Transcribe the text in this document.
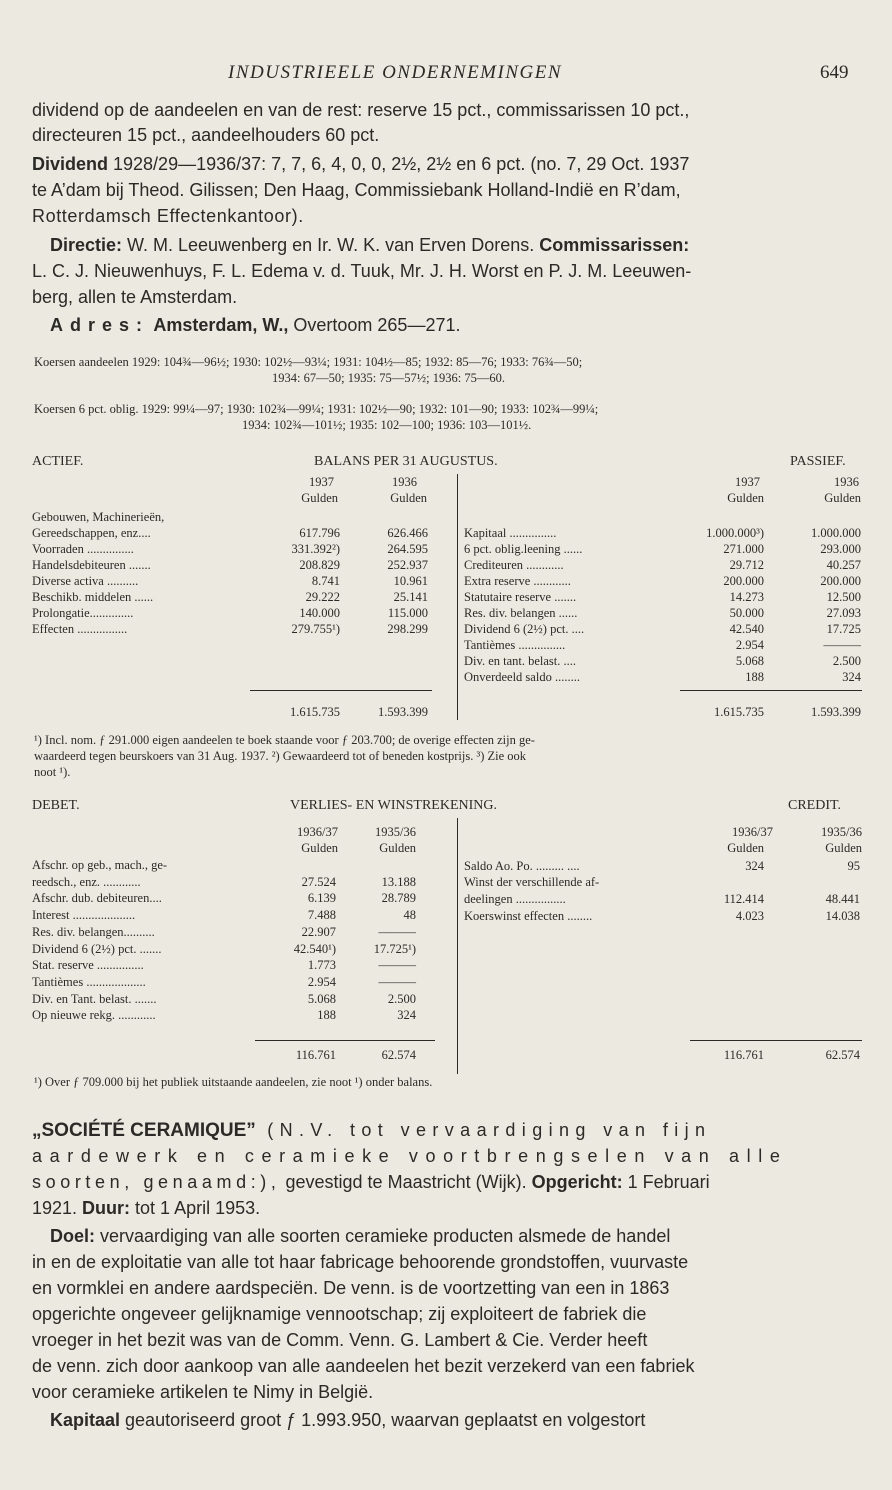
INDUSTRIEELE ONDERNEMINGEN	649
dividend op de aandeelen en van de rest: reserve 15 pct., commissarissen 10 pct.,
directeuren 15 pct., aandeelhouders 60 pct.
Dividend 1928/29—1936/37: 7, 7, 6, 4, 0, 0, 2½, 2½ en 6 pct. (no. 7, 29 Oct. 1937
te A’dam bij Theod. Gilissen; Den Haag, Commissiebank Holland-Indië en R’dam,
Rotterdamsch Effectenkantoor).
Directie: W. M. Leeuwenberg en Ir. W. K. van Erven Dorens. Commissarissen:
L. C. J. Nieuwenhuys, F. L. Edema v. d. Tuuk, Mr. J. H. Worst en P. J. M. Leeuwen-
berg, allen te Amsterdam.
Adres: Amsterdam, W., Overtoom 265—271.
Koersen aandeelen 1929: 104¾—96½; 1930: 102½—93¼; 1931: 104½—85; 1932: 85—76; 1933: 76¾—50;
1934: 67—50; 1935: 75—57½; 1936: 75—60.
Koersen 6 pct. oblig. 1929: 99¼—97; 1930: 102¾—99¼; 1931: 102½—90; 1932: 101—90; 1933: 102¾—99¼;
1934: 102¾—101½; 1935: 102—100; 1936: 103—101½.
ACTIEF.	BALANS PER 31 AUGUSTUS.	PASSIEF.
1937	1936
Gulden	Gulden
1937	1936
Gulden	Gulden
Gebouwen, Machinerieën,
Gereedschappen, enz....	617.796	626.466
Voorraden ...............	331.392²)	264.595
Handelsdebiteuren .......	208.829	252.937
Diverse activa ..........	8.741	10.961
Beschikb. middelen ......	29.222	25.141
Prolongatie..............	140.000	115.000
Effecten ................	279.755¹)	298.299
Kapitaal ...............	1.000.000³)	1.000.000
6 pct. oblig.leening ......	271.000	293.000
Crediteuren ............	29.712	40.257
Extra reserve ............	200.000	200.000
Statutaire reserve .......	14.273	12.500
Res. div. belangen ......	50.000	27.093
Dividend 6 (2½) pct. ....	42.540	17.725
Tantièmes ...............	2.954	———
Div. en tant. belast. ....	5.068	2.500
Onverdeeld saldo ........	188	324
1.615.735	1.593.399	1.615.735	1.593.399
¹) Incl. nom. ƒ 291.000 eigen aandeelen te boek staande voor ƒ 203.700; de overige effecten zijn ge-
waardeerd tegen beurskoers van 31 Aug. 1937. ²) Gewaardeerd tot of beneden kostprijs. ³) Zie ook
noot ¹).
DEBET.	VERLIES- EN WINSTREKENING.	CREDIT.
1936/37	1935/36
Gulden	Gulden
1936/37	1935/36
Gulden	Gulden
Afschr. op geb., mach., ge-
reedsch., enz. ............	27.524	13.188
Afschr. dub. debiteuren....	6.139	28.789
Interest ....................	7.488	48
Res. div. belangen..........	22.907	———
Dividend 6 (2½) pct. .......	42.540¹)	17.725¹)
Stat. reserve ...............	1.773	———
Tantièmes ...................	2.954	———
Div. en Tant. belast. .......	5.068	2.500
Op nieuwe rekg. ............	188	324
Saldo Ao. Po. ......... ....	324	95
Winst der verschillende af-
deelingen ................	112.414	48.441
Koerswinst effecten ........	4.023	14.038
116.761	62.574	116.761	62.574
¹) Over ƒ 709.000 bij het publiek uitstaande aandeelen, zie noot ¹) onder balans.
„SOCIÉTÉ CERAMIQUE” (N.V. tot vervaardiging van fijn
aardewerk en ceramieke voortbrengselen van alle
soorten, genaamd:), gevestigd te Maastricht (Wijk). Opgericht: 1 Februari
1921. Duur: tot 1 April 1953.
Doel: vervaardiging van alle soorten ceramieke producten alsmede de handel
in en de exploitatie van alle tot haar fabricage behoorende grondstoffen, vuurvaste
en vormklei en andere aardspeciën. De venn. is de voortzetting van een in 1863
opgerichte ongeveer gelijknamige vennootschap; zij exploiteert de fabriek die
vroeger in het bezit was van de Comm. Venn. G. Lambert & Cie. Verder heeft
de venn. zich door aankoop van alle aandeelen het bezit verzekerd van een fabriek
voor ceramieke artikelen te Nimy in België.
Kapitaal geautoriseerd groot ƒ 1.993.950, waarvan geplaatst en volgestort
